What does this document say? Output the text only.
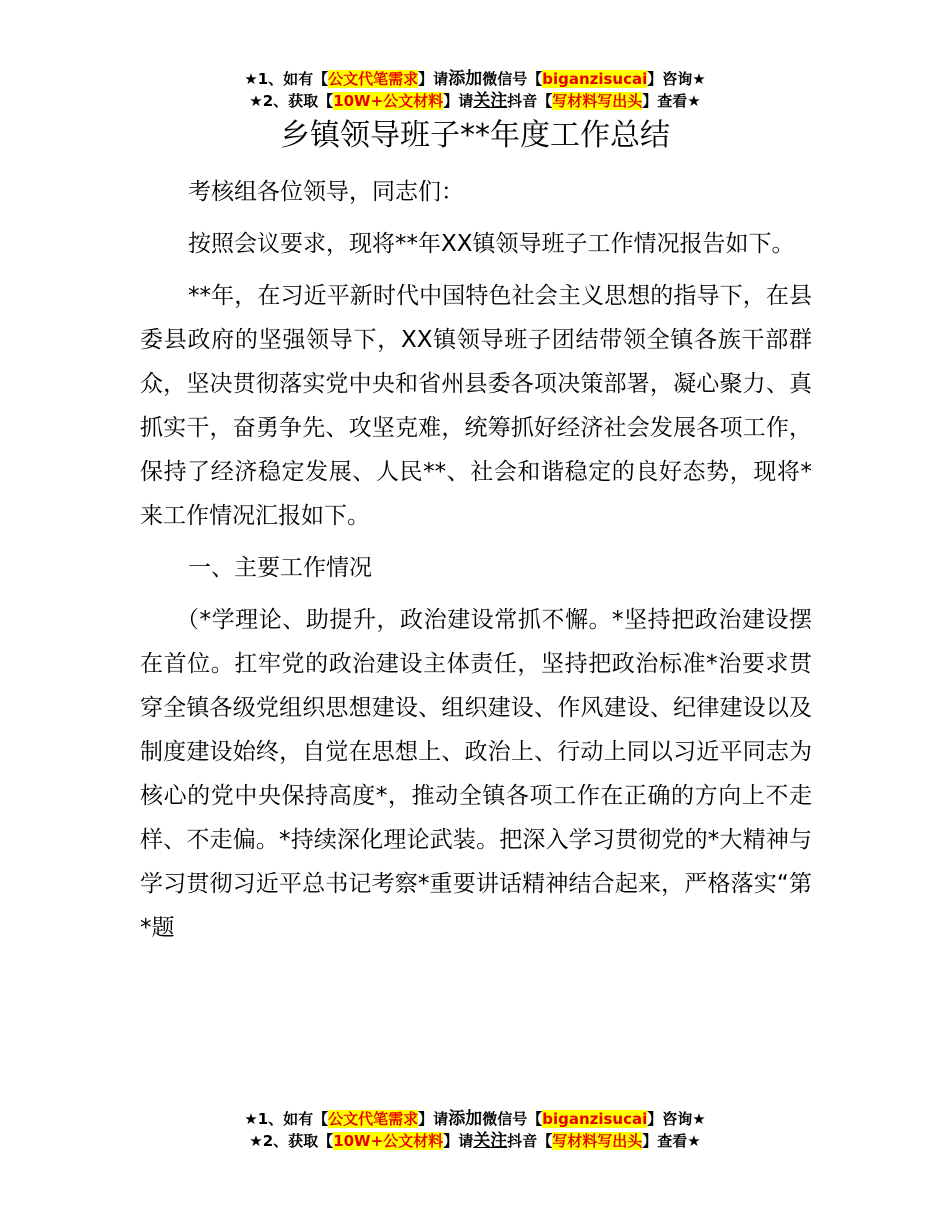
★1、如有【公文代笔需求】请添加微信号【biganzisucai】咨询★
★2、获取【10W+公文材料】请关注抖音【写材料写出头】查看★
乡镇领导班子**年度工作总结

考核组各位领导，同志们：

按照会议要求，现将**年XX镇领导班子工作情况报告如下。

**年，在习近平新时代中国特色社会主义思想的指导下，在县委县政府的坚强领导下，XX镇领导班子团结带领全镇各族干部群众，坚决贯彻落实党中央和省州县委各项决策部署，凝心聚力、真抓实干，奋勇争先、攻坚克难，统筹抓好经济社会发展各项工作，保持了经济稳定发展、人民**、社会和谐稳定的良好态势，现将*来工作情况汇报如下。

一、主要工作情况

（*学理论、助提升，政治建设常抓不懈。*坚持把政治建设摆在首位。扛牢党的政治建设主体责任，坚持把政治标准*治要求贯穿全镇各级党组织思想建设、组织建设、作风建设、纪律建设以及制度建设始终，自觉在思想上、政治上、行动上同以习近平同志为核心的党中央保持高度*，推动全镇各项工作在正确的方向上不走样、不走偏。*持续深化理论武装。把深入学习贯彻党的*大精神与学习贯彻习近平总书记考察*重要讲话精神结合起来，严格落实“第*题

★1、如有【公文代笔需求】请添加微信号【biganzisucai】咨询★
★2、获取【10W+公文材料】请关注抖音【写材料写出头】查看★
